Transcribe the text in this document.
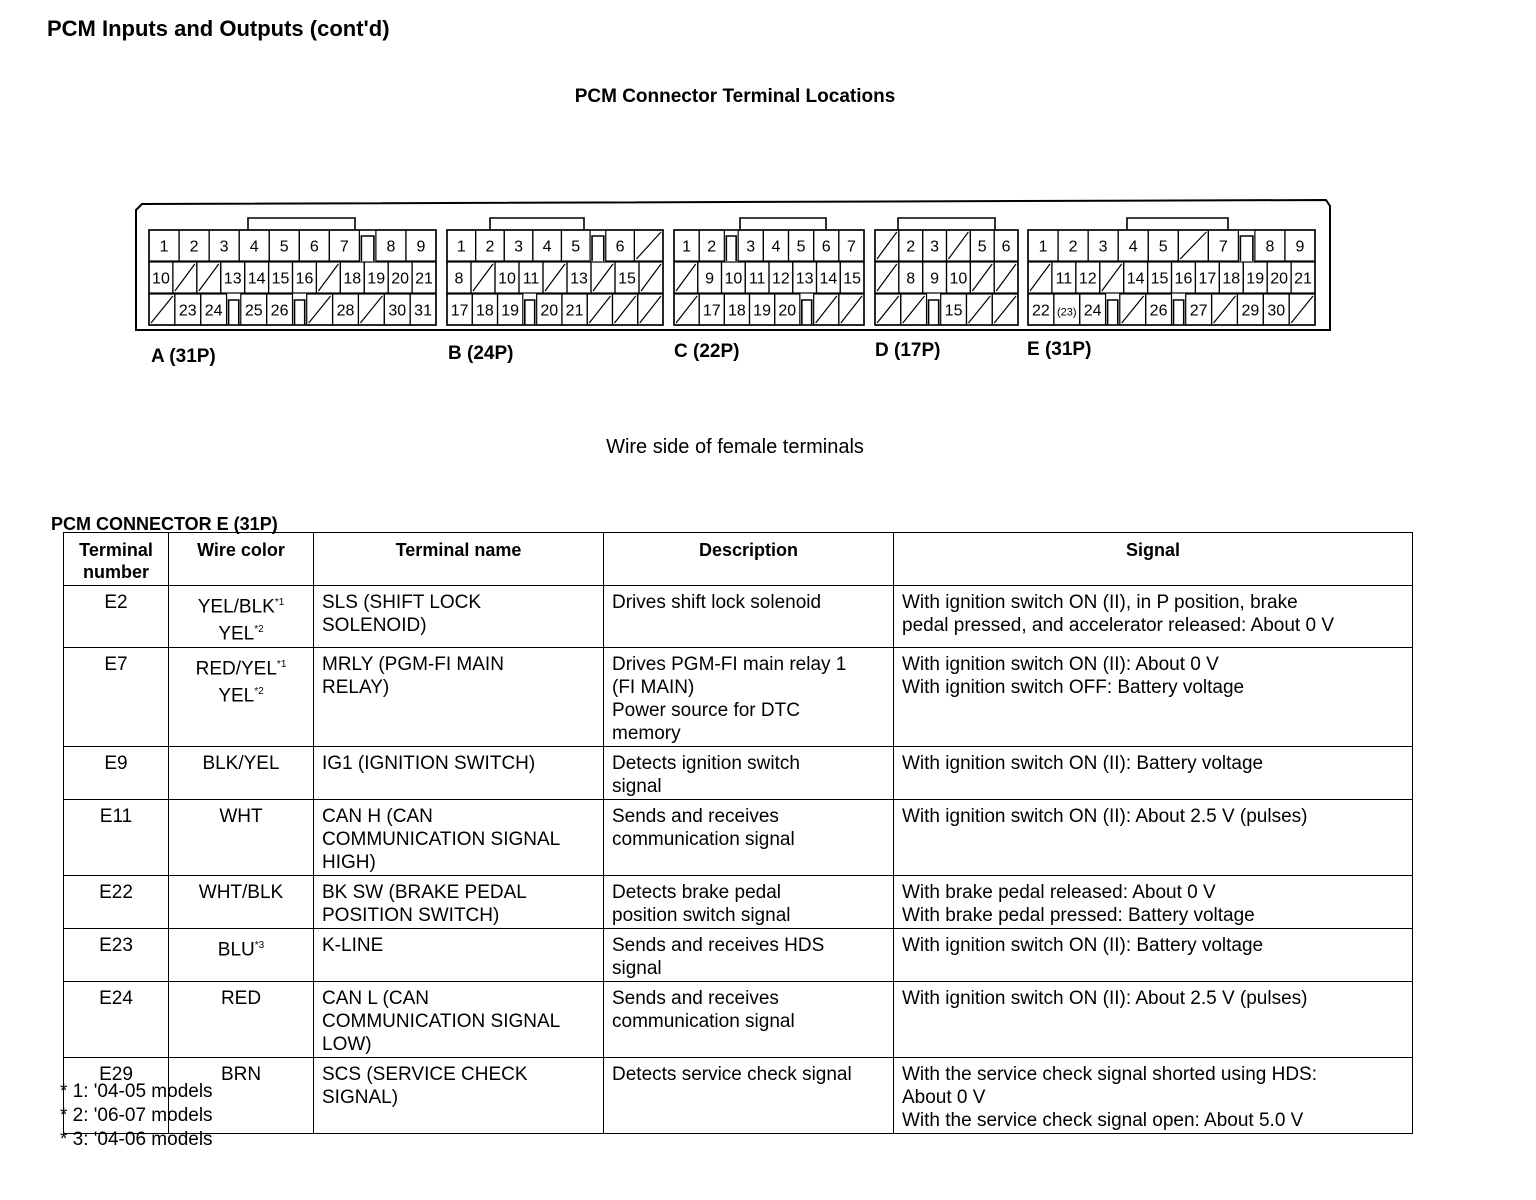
PCM Inputs and Outputs (cont'd)
PCM Connector Terminal Locations
1 2 3 4 5 6 7 8 9
10	13 14 15 16 18 19 20 21
23 24 25 26	28 30 31
1 2 3 4 5 6
8 10 11 13 15
17 18 19 20 21
1 2 3 4 5 6 7
9 10 11 12 13 14 15
17 18 19 20
2 3 5 6
8 9 10
15
1 2 3 4 5	7 8 9
11 12 14 15 16 17 18 19 20 21
22 (23) 24	26 27 29 30
A (31P)	B (24P)	C (22P)	D (17P)	E (31P)
Wire side of female terminals
PCM CONNECTOR E (31P)
Terminal
number	Wire color	Terminal name	Description	Signal
E2	YEL/BLK$^{*1}$
YEL$^{*2}$	SLS (SHIFT LOCK
SOLENOID)	Drives shift lock solenoid	With ignition switch ON (II), in P position, brake
pedal pressed, and accelerator released: About 0 V

E7	RED/YEL$^{*1}$
YEL$^{*2}$	MRLY (PGM-FI MAIN
RELAY)	Drives PGM-FI main relay 1
(FI MAIN)
Power source for DTC
memory	With ignition switch ON (II): About 0 V
With ignition switch OFF: Battery voltage

E9	BLK/YEL	IG1 (IGNITION SWITCH)	Detects ignition switch
signal	With ignition switch ON (II): Battery voltage

E11	WHT	CAN H (CAN
COMMUNICATION SIGNAL
HIGH)	Sends and receives
communication signal	With ignition switch ON (II): About 2.5 V (pulses)

E22	WHT/BLK	BK SW (BRAKE PEDAL
POSITION SWITCH)	Detects brake pedal
position switch signal	With brake pedal released: About 0 V
With brake pedal pressed: Battery voltage

E23	BLU$^{*3}$	K-LINE	Sends and receives HDS
signal	With ignition switch ON (II): Battery voltage

E24	RED	CAN L (CAN
COMMUNICATION SIGNAL
LOW)	Sends and receives
communication signal	With ignition switch ON (II): About 2.5 V (pulses)

E29	BRN	SCS (SERVICE CHECK
SIGNAL)	Detects service check signal	With the service check signal shorted using HDS:
About 0 V
With the service check signal open: About 5.0 V
* 1: '04-05 models
* 2: '06-07 models
* 3: '04-06 models
